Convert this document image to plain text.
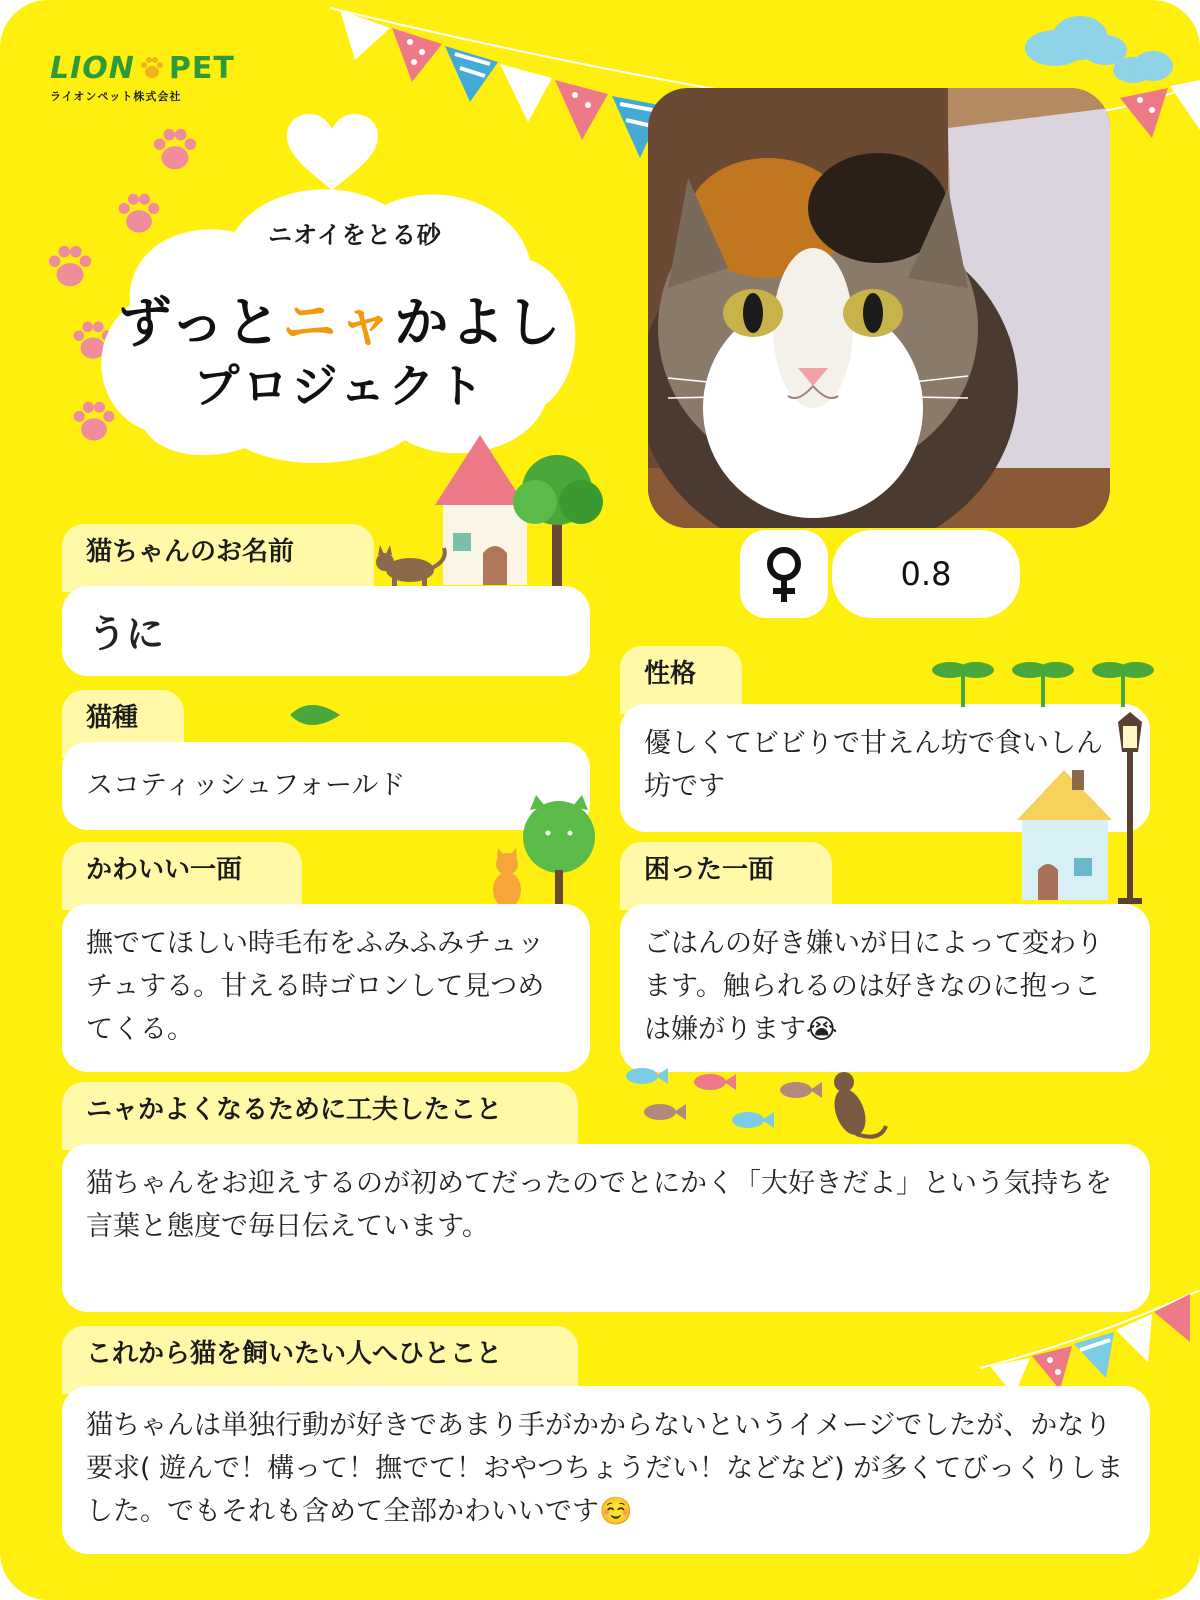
LION PET
ライオンペット株式会社
ニオイをとる砂
ずっとニャかよし
プロジェクト
0.8
猫ちゃんのお名前
うに
猫種
スコティッシュフォールド
性格
優しくてビビりで甘えん坊で食いしん坊です
かわいい一面
撫でてほしい時毛布をふみふみチュッチュする。甘える時ゴロンして見つめてくる。
困った一面
ごはんの好き嫌いが日によって変わります。触られるのは好きなのに抱っこは嫌がります😭
ニャかよくなるために工夫したこと
猫ちゃんをお迎えするのが初めてだったのでとにかく「大好きだよ」という気持ちを言葉と態度で毎日伝えています。
これから猫を飼いたい人へひとこと
猫ちゃんは単独行動が好きであまり手がかからないというイメージでしたが、かなり要求( 遊んで！構って！撫でて！おやつちょうだい！などなど) が多くてびっくりしました。でもそれも含めて全部かわいいです☺️
